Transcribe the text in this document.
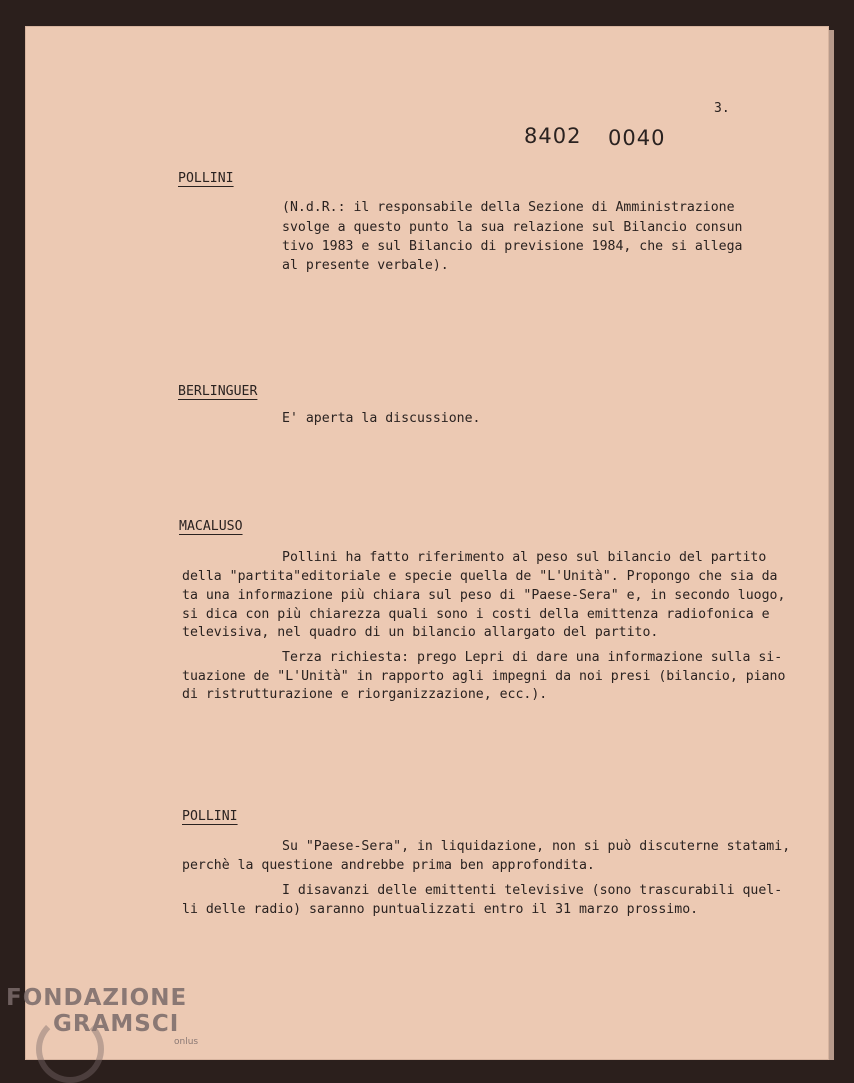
3.
8402 0040
POLLINI
(N.d.R.: il responsabile della Sezione di Amministrazione
svolge a questo punto la sua relazione sul Bilancio consun
tivo 1983 e sul Bilancio di previsione 1984, che si allega
al presente verbale).
BERLINGUER
E' aperta la discussione.
MACALUSO
Pollini ha fatto riferimento al peso sul bilancio del partito
della "partita"editoriale e specie quella de "L'Unità". Propongo che sia da
ta una informazione più chiara sul peso di "Paese-Sera" e, in secondo luogo,
si dica con più chiarezza quali sono i costi della emittenza radiofonica e
televisiva, nel quadro di un bilancio allargato del partito.
Terza richiesta: prego Lepri di dare una informazione sulla si-
tuazione de "L'Unità" in rapporto agli impegni da noi presi (bilancio, piano
di ristrutturazione e riorganizzazione, ecc.).
POLLINI
Su "Paese-Sera", in liquidazione, non si può discuterne statami,
perchè la questione andrebbe prima ben approfondita.
I disavanzi delle emittenti televisive (sono trascurabili quel-
li delle radio) saranno puntualizzati entro il 31 marzo prossimo.
FONDAZIONE
GRAMSCI
onlus
